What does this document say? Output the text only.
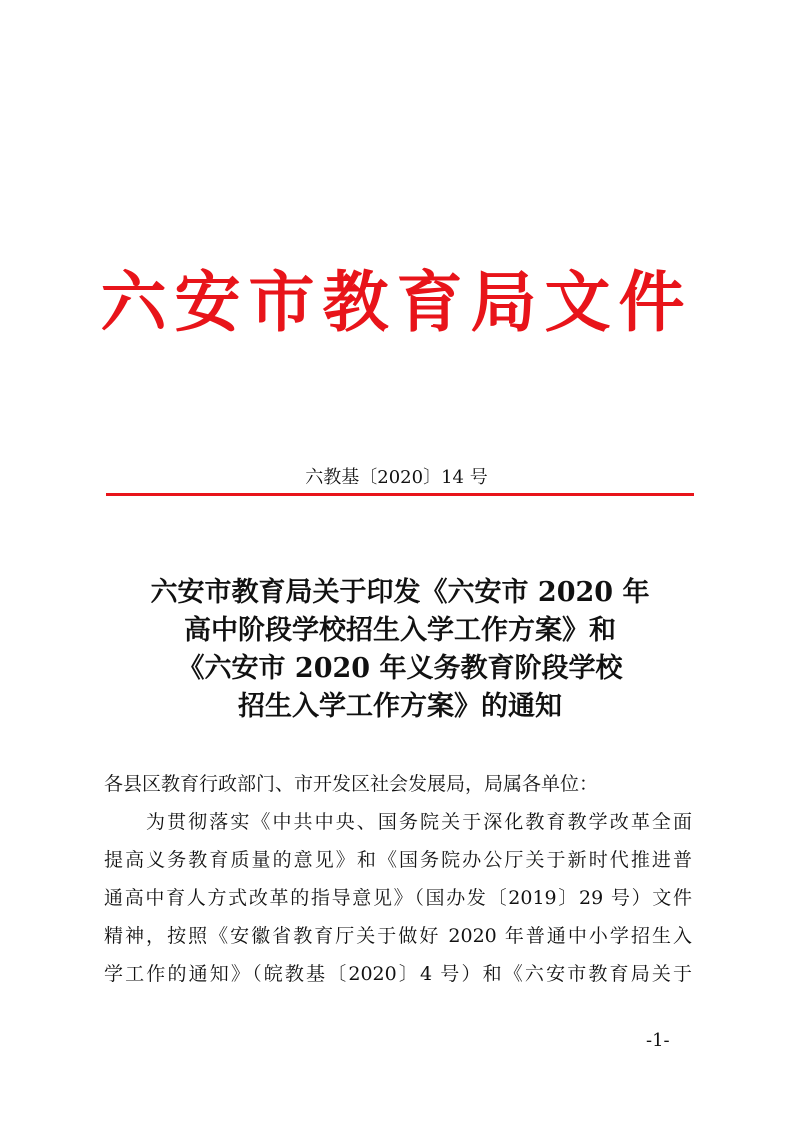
六安市教育局文件
六教基〔2020〕14 号
六安市教育局关于印发《六安市 2020 年
高中阶段学校招生入学工作方案》和
《六安市 2020 年义务教育阶段学校
招生入学工作方案》的通知
各县区教育行政部门、市开发区社会发展局，局属各单位：
为贯彻落实《中共中央、国务院关于深化教育教学改革全面
提高义务教育质量的意见》和《国务院办公厅关于新时代推进普
通高中育人方式改革的指导意见》（国办发〔2019〕29 号）文件
精神，按照《安徽省教育厅关于做好 2020 年普通中小学招生入
学工作的通知》（皖教基〔2020〕4 号）和《六安市教育局关于
-1-
